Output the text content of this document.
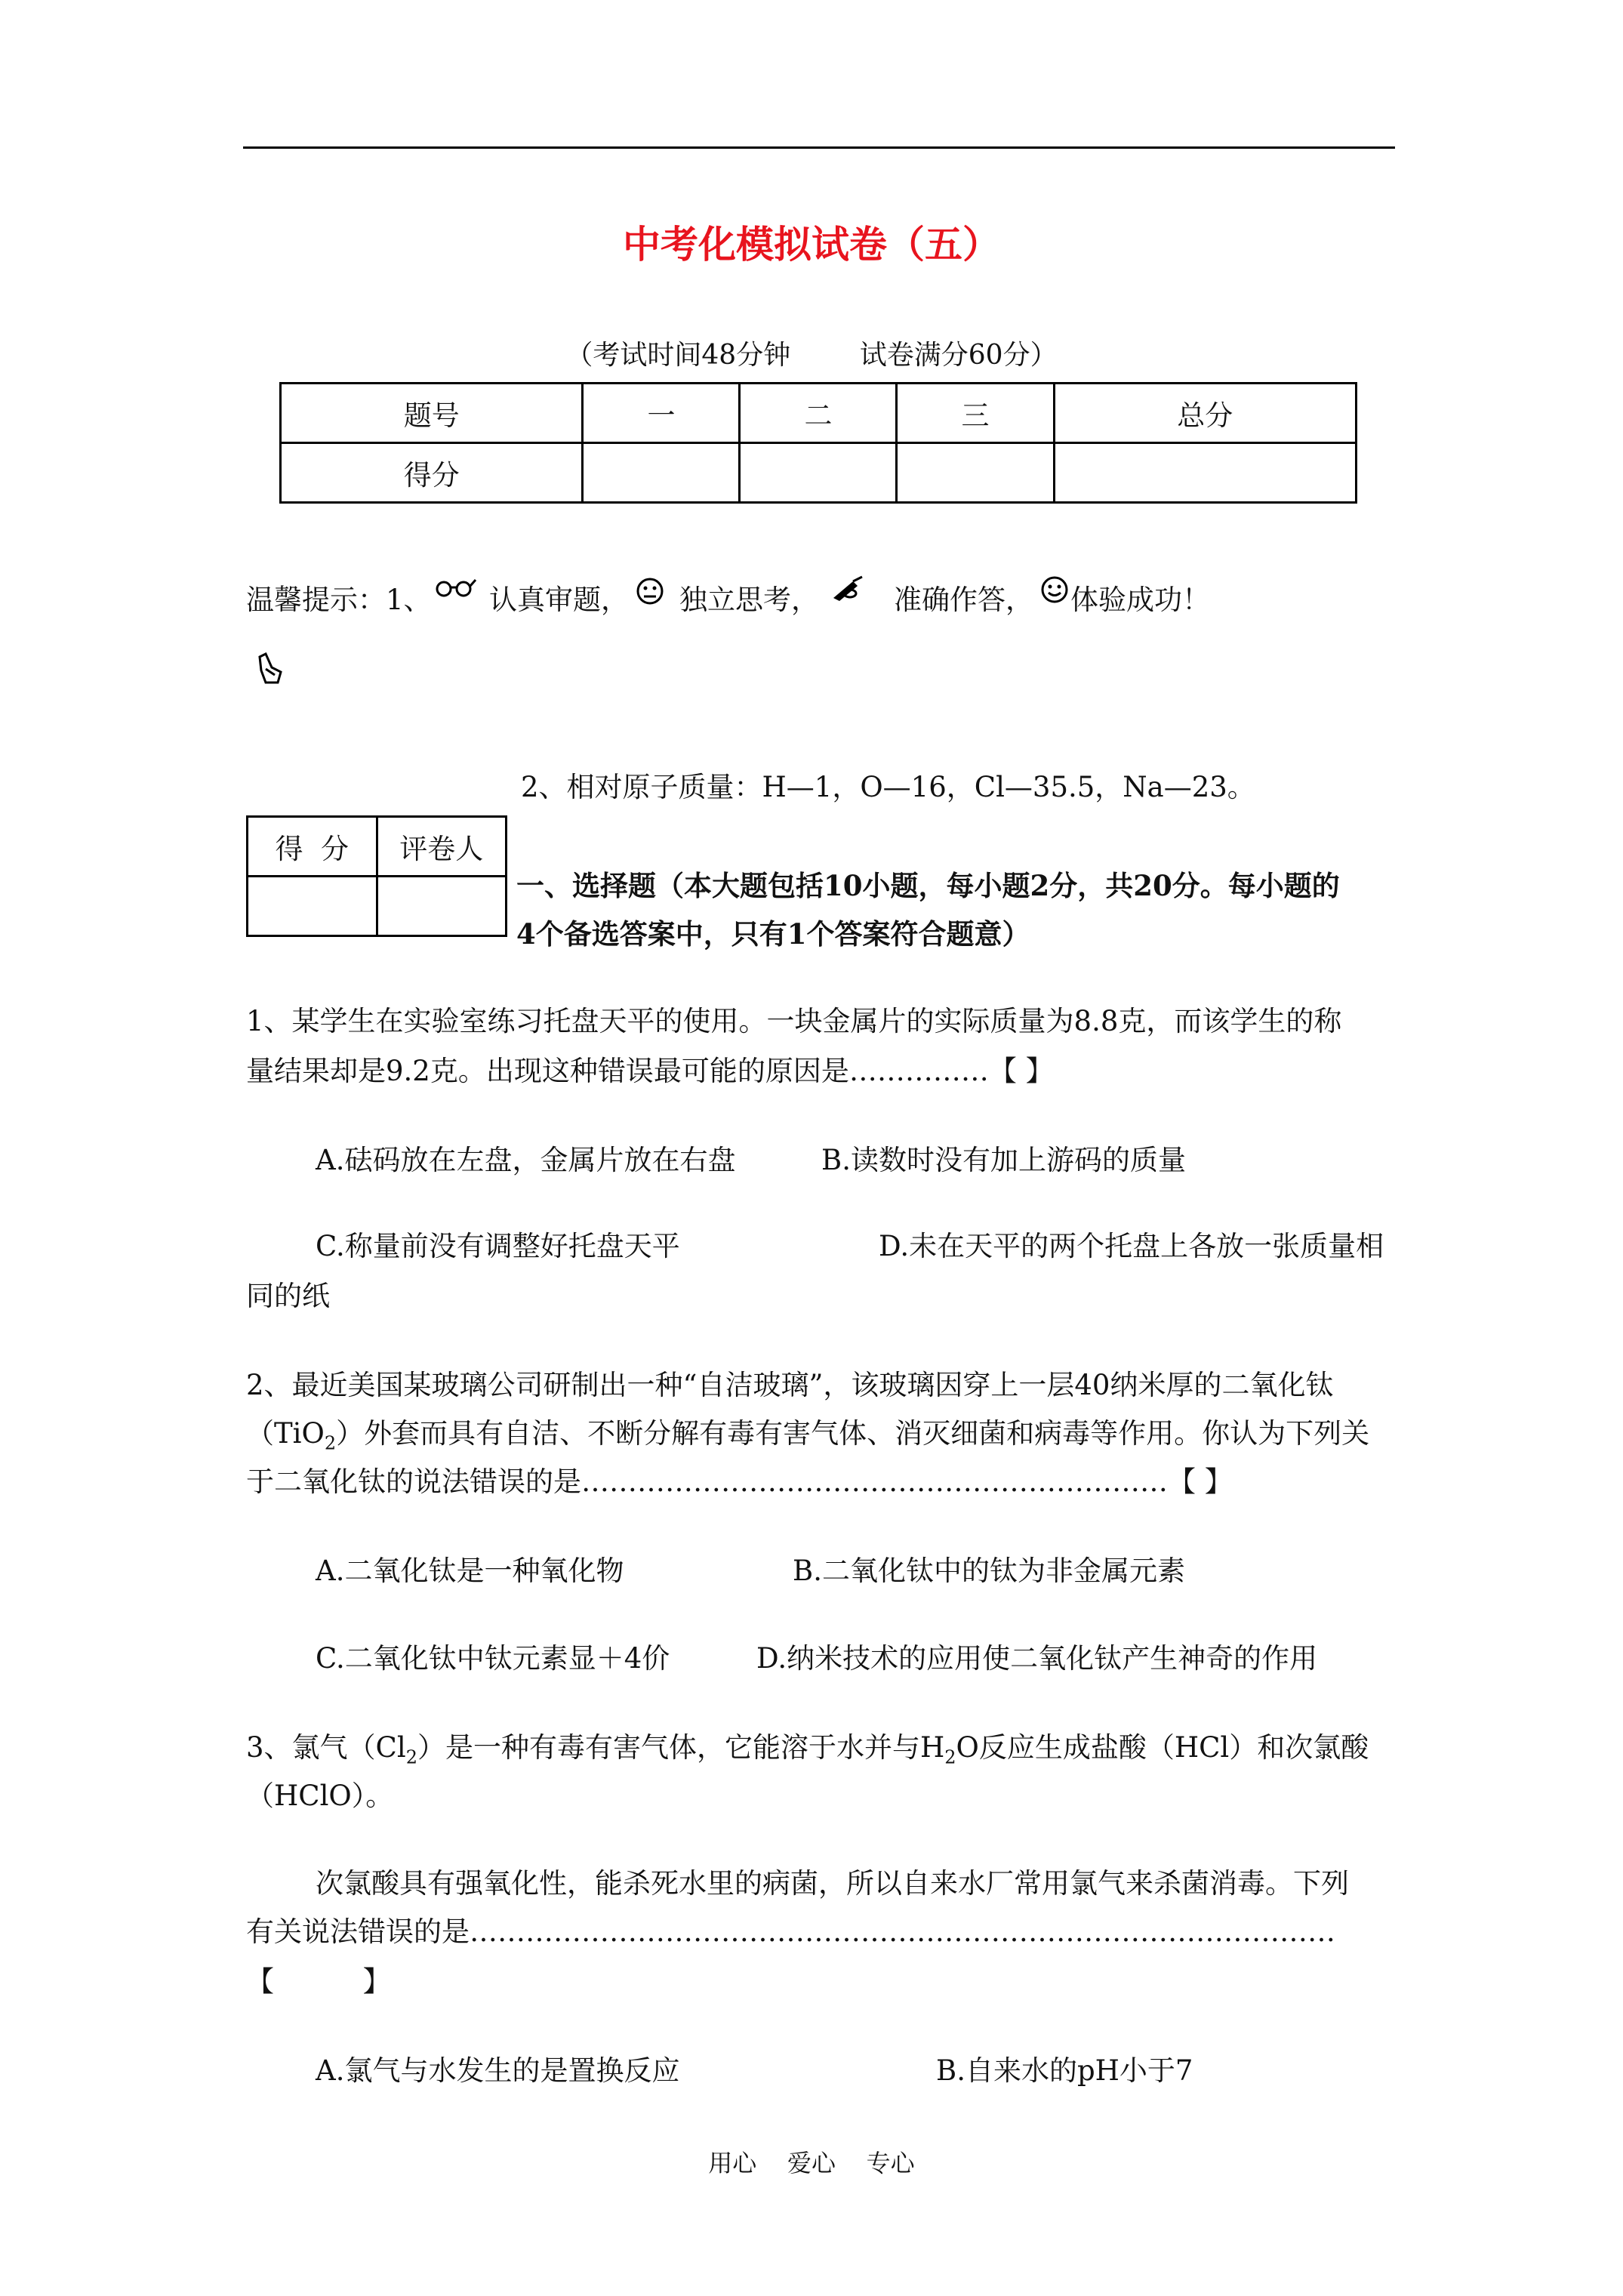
中考化模拟试卷（五）
（考试时间48分钟        试卷满分60分）
题号	一	二	三	总分
得分				
温馨提示：1、 认真审题， 独立思考，	准确作答， 体验成功！
2、相对原子质量：H—1，O—16，Cl—35.5，Na—23。
得  分	评卷人

一、选择题（本大题包括10小题，每小题2分，共20分。每小题的
4个备选答案中，只有1个答案符合题意）
1、某学生在实验室练习托盘天平的使用。一块金属片的实际质量为8.8克，而该学生的称
量结果却是9.2克。出现这种错误最可能的原因是……………【 】
A.砝码放在左盘，金属片放在右盘	B.读数时没有加上游码的质量
C.称量前没有调整好托盘天平	D.未在天平的两个托盘上各放一张质量相
同的纸
2、最近美国某玻璃公司研制出一种“自洁玻璃”，该玻璃因穿上一层40纳米厚的二氧化钛
（TiO$_2$）外套而具有自洁、不断分解有毒有害气体、消灭细菌和病毒等作用。你认为下列关
于二氧化钛的说法错误的是………………………………………………………【 】
A.二氧化钛是一种氧化物	B.二氧化钛中的钛为非金属元素
C.二氧化钛中钛元素显＋4价	D.纳米技术的应用使二氧化钛产生神奇的作用
3、氯气$(Cl_2)$是一种有毒有害气体，它能溶于水并与$H_2O$反应生成盐酸（HCl）和次氯酸
（HClO）。
次氯酸具有强氧化性，能杀死水里的病菌，所以自来水厂常用氯气来杀菌消毒。下列
有关说法错误的是…………………………………………………………………………………
【          】
A.氯气与水发生的是置换反应	B.自来水的pH小于7
用心    爱心    专心
